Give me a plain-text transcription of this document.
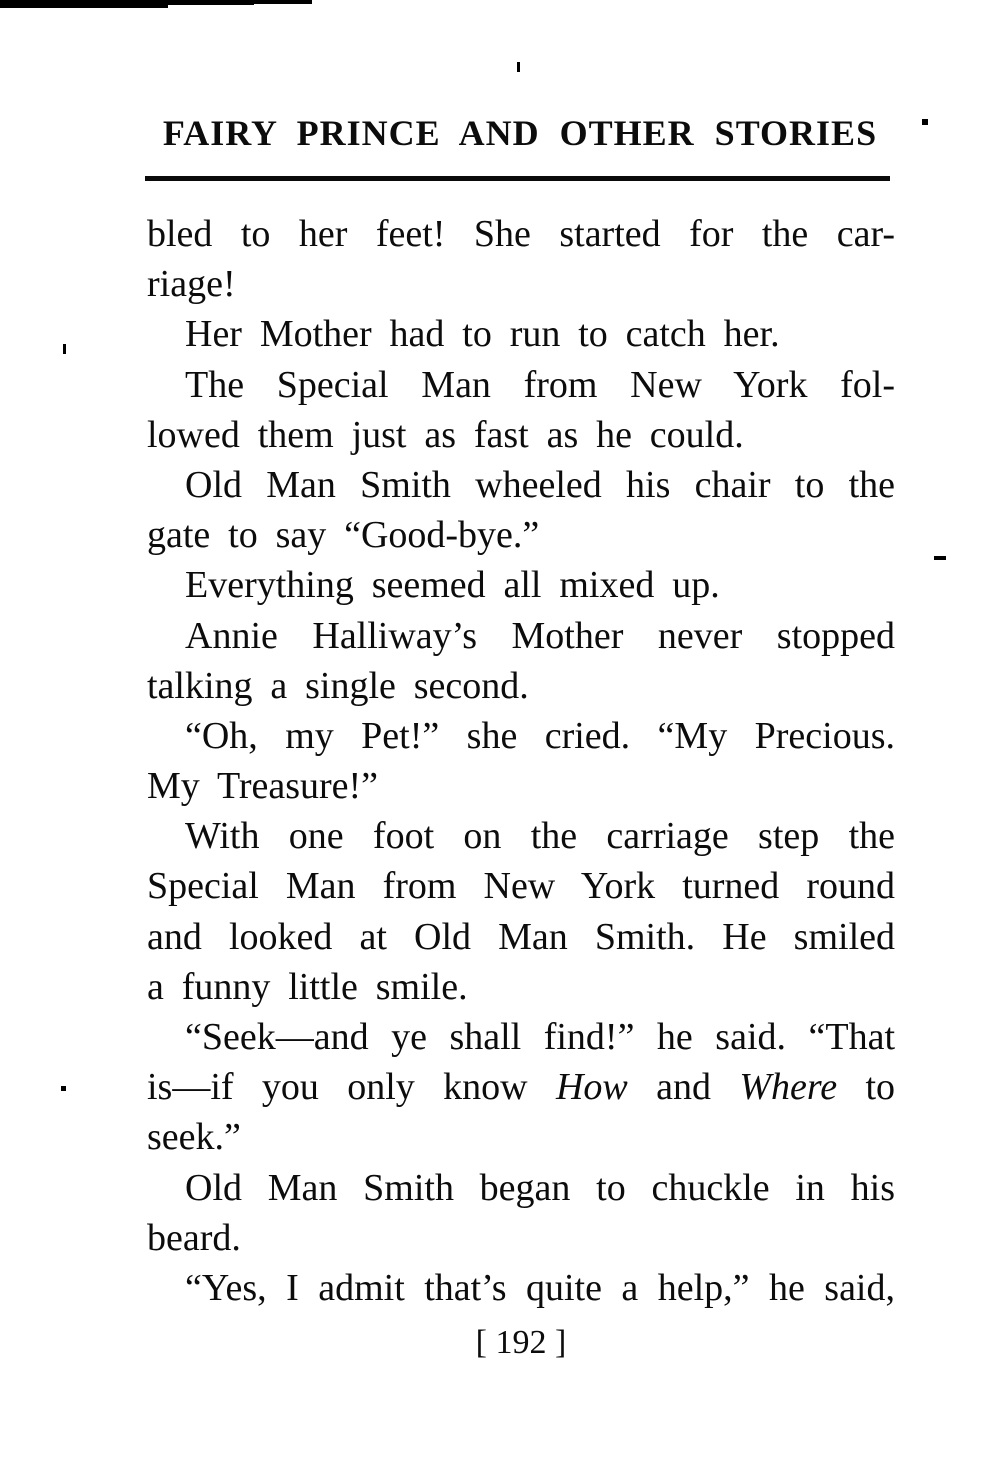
FAIRY PRINCE AND OTHER STORIES
bled to her feet! She started for the car-
riage!
Her Mother had to run to catch her.
The Special Man from New York fol-
lowed them just as fast as he could.
Old Man Smith wheeled his chair to the
gate to say “Good-bye.”
Everything seemed all mixed up.
Annie Halliway’s Mother never stopped
talking a single second.
“Oh, my Pet!” she cried. “My Precious.
My Treasure!”
With one foot on the carriage step the
Special Man from New York turned round
and looked at Old Man Smith. He smiled
a funny little smile.
“Seek—and ye shall find!” he said. “That
is—if you only know How and Where to
seek.”
Old Man Smith began to chuckle in his
beard.
“Yes, I admit that’s quite a help,” he said,
[ 192 ]
